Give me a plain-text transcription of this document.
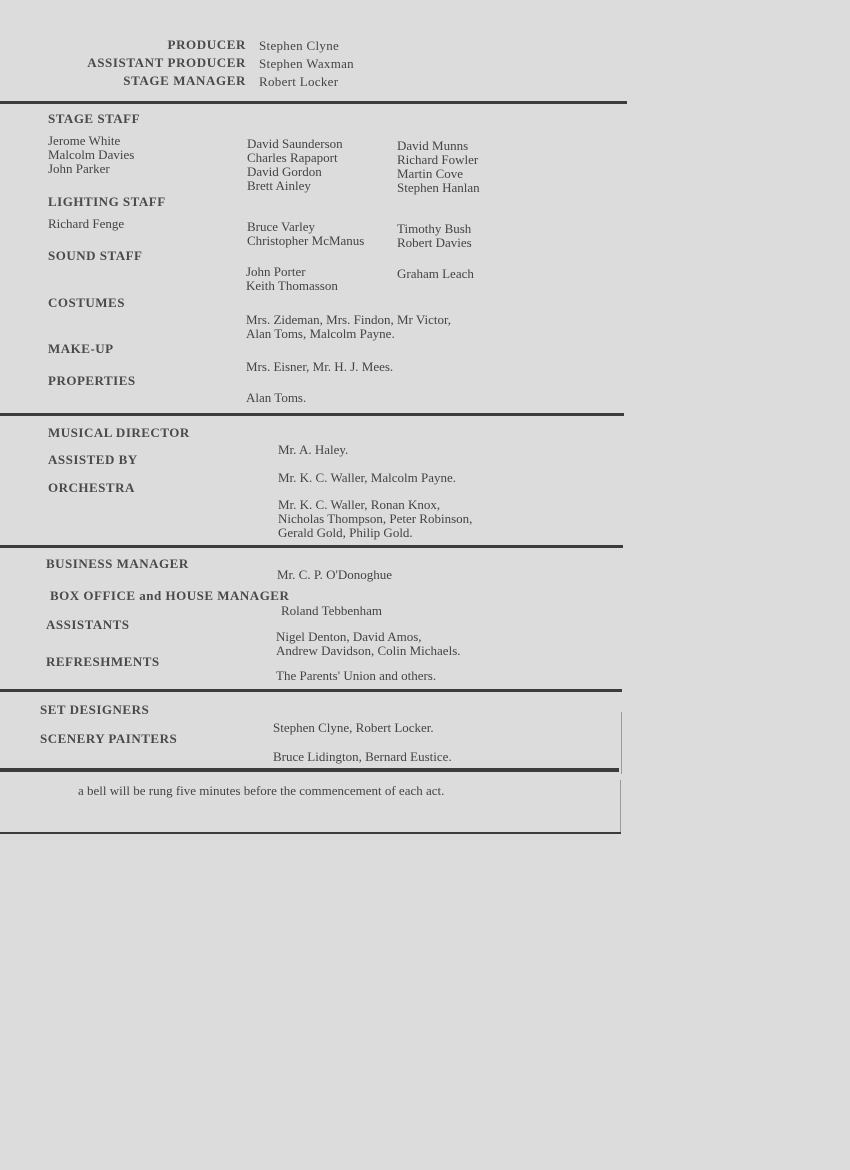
PRODUCER Stephen Clyne
ASSISTANT PRODUCER Stephen Waxman
STAGE MANAGER Robert Locker
STAGE STAFF
Jerome White
Malcolm Davies
John Parker
David Saunderson
Charles Rapaport
David Gordon
Brett Ainley
David Munns
Richard Fowler
Martin Cove
Stephen Hanlan
LIGHTING STAFF
Richard Fenge	Bruce Varley
Christopher McManus
Timothy Bush
Robert Davies
SOUND STAFF
John Porter
Keith Thomasson
Graham Leach
COSTUMES
Mrs. Zideman, Mrs. Findon, Mr Victor,
Alan Toms, Malcolm Payne.
MAKE-UP
Mrs. Eisner, Mr. H. J. Mees.
PROPERTIES
Alan Toms.
MUSICAL DIRECTOR
Mr. A. Haley.
ASSISTED BY
Mr. K. C. Waller, Malcolm Payne.
ORCHESTRA
Mr. K. C. Waller, Ronan Knox,
Nicholas Thompson, Peter Robinson,
Gerald Gold, Philip Gold.
BUSINESS MANAGER
Mr. C. P. O'Donoghue
BOX OFFICE and HOUSE MANAGER
Roland Tebbenham
ASSISTANTS
Nigel Denton, David Amos,
Andrew Davidson, Colin Michaels.
REFRESHMENTS
The Parents' Union and others.
SET DESIGNERS
Stephen Clyne, Robert Locker.
SCENERY PAINTERS
Bruce Lidington, Bernard Eustice.
a bell will be rung five minutes before the commencement of each act.
